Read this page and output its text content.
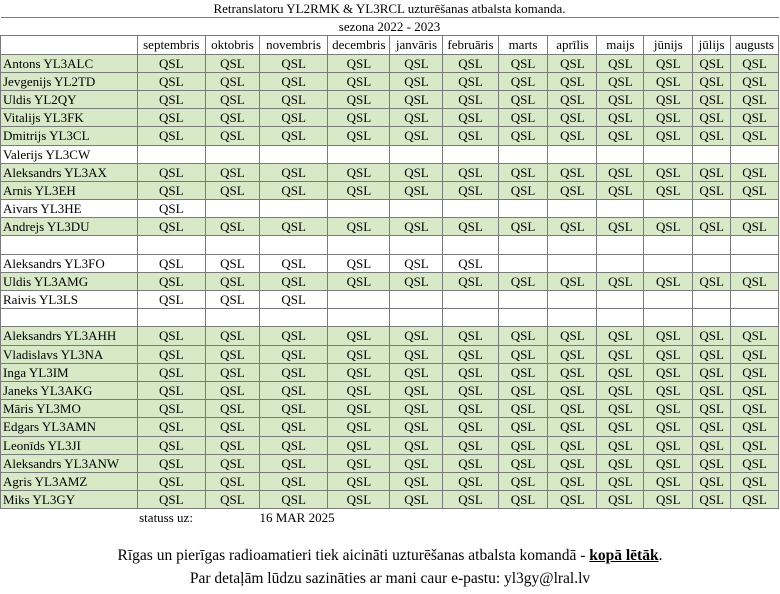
Retranslatoru YL2RMK & YL3RCL uzturēšanas atbalsta komanda.												
sezona 2022 - 2023												
	septembris	oktobris	novembris	decembris	janvāris	februāris	marts	aprīlis	maijs	jūnijs	jūlijs	augusts
Antons YL3ALC	QSL	QSL	QSL	QSL	QSL	QSL	QSL	QSL	QSL	QSL	QSL	QSL
Jevgenijs YL2TD	QSL	QSL	QSL	QSL	QSL	QSL	QSL	QSL	QSL	QSL	QSL	QSL
Uldis YL2QY	QSL	QSL	QSL	QSL	QSL	QSL	QSL	QSL	QSL	QSL	QSL	QSL
Vitalijs YL3FK	QSL	QSL	QSL	QSL	QSL	QSL	QSL	QSL	QSL	QSL	QSL	QSL
Dmitrijs YL3CL	QSL	QSL	QSL	QSL	QSL	QSL	QSL	QSL	QSL	QSL	QSL	QSL
Valerijs YL3CW												
Aleksandrs YL3AX	QSL	QSL	QSL	QSL	QSL	QSL	QSL	QSL	QSL	QSL	QSL	QSL
Arnis YL3EH	QSL	QSL	QSL	QSL	QSL	QSL	QSL	QSL	QSL	QSL	QSL	QSL
Aivars YL3HE	QSL											
Andrejs YL3DU	QSL	QSL	QSL	QSL	QSL	QSL	QSL	QSL	QSL	QSL	QSL	QSL

Aleksandrs YL3FO	QSL	QSL	QSL	QSL	QSL	QSL						
Uldis YL3AMG	QSL	QSL	QSL	QSL	QSL	QSL	QSL	QSL	QSL	QSL	QSL	QSL
Raivis YL3LS	QSL	QSL	QSL									

Aleksandrs YL3AHH	QSL	QSL	QSL	QSL	QSL	QSL	QSL	QSL	QSL	QSL	QSL	QSL
Vladislavs YL3NA	QSL	QSL	QSL	QSL	QSL	QSL	QSL	QSL	QSL	QSL	QSL	QSL
Inga YL3IM	QSL	QSL	QSL	QSL	QSL	QSL	QSL	QSL	QSL	QSL	QSL	QSL
Janeks YL3AKG	QSL	QSL	QSL	QSL	QSL	QSL	QSL	QSL	QSL	QSL	QSL	QSL
Māris YL3MO	QSL	QSL	QSL	QSL	QSL	QSL	QSL	QSL	QSL	QSL	QSL	QSL
Edgars YL3AMN	QSL	QSL	QSL	QSL	QSL	QSL	QSL	QSL	QSL	QSL	QSL	QSL
Leonīds YL3JI	QSL	QSL	QSL	QSL	QSL	QSL	QSL	QSL	QSL	QSL	QSL	QSL
Aleksandrs YL3ANW	QSL	QSL	QSL	QSL	QSL	QSL	QSL	QSL	QSL	QSL	QSL	QSL
Agris YL3AMZ	QSL	QSL	QSL	QSL	QSL	QSL	QSL	QSL	QSL	QSL	QSL	QSL
Miks YL3GY	QSL	QSL	QSL	QSL	QSL	QSL	QSL	QSL	QSL	QSL	QSL	QSL
	statuss uz:		16 MAR 2025									
Rīgas un pierīgas radioamatieri tiek aicināti uzturēšanas atbalsta komandā - kopā lētāk.
Par detaļām lūdzu sazināties ar mani caur e-pastu: yl3gy@lral.lv
